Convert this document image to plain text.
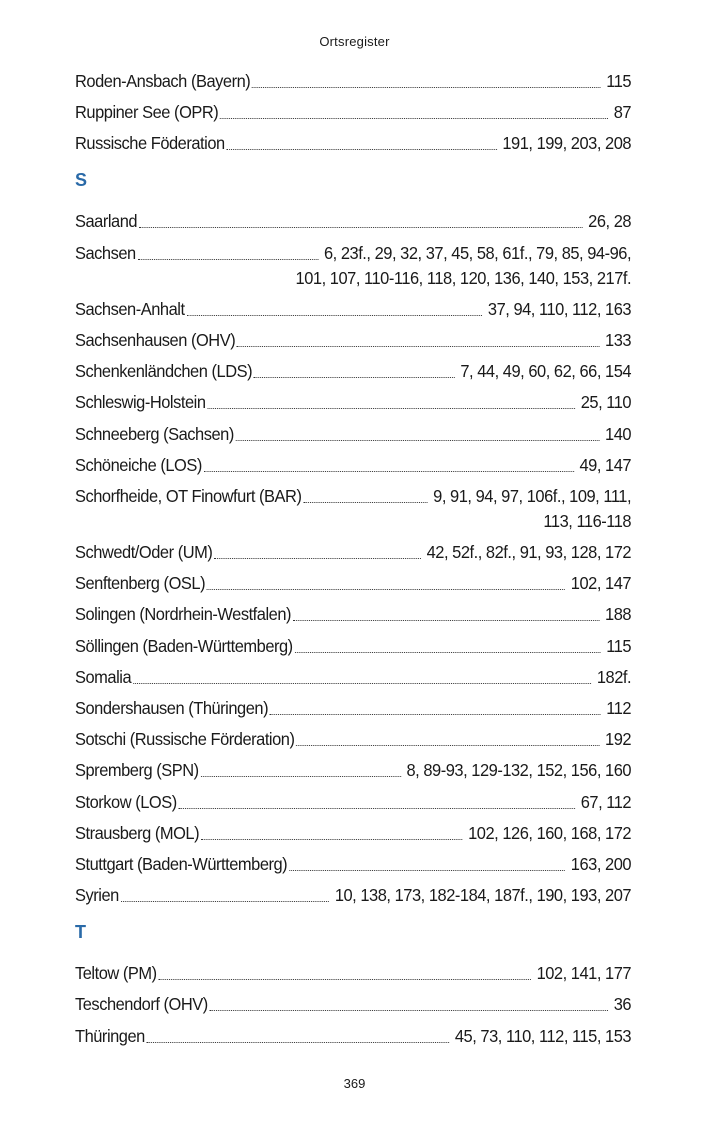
Ortsregister
Roden-Ansbach (Bayern)	115
Ruppiner See (OPR)	87
Russische Föderation	191, 199, 203, 208
S
Saarland	26, 28
Sachsen	6, 23f., 29, 32, 37, 45, 58, 61f., 79, 85, 94-96,
101, 107, 110-116, 118, 120, 136, 140, 153, 217f.
Sachsen-Anhalt	37, 94, 110, 112, 163
Sachsenhausen (OHV)	133
Schenkenländchen (LDS)	7, 44, 49, 60, 62, 66, 154
Schleswig-Holstein	25, 110
Schneeberg (Sachsen)	140
Schöneiche (LOS)	49, 147
Schorfheide, OT Finowfurt (BAR)	9, 91, 94, 97, 106f., 109, 111,
113, 116-118
Schwedt/Oder (UM)	42, 52f., 82f., 91, 93, 128, 172
Senftenberg (OSL)	102, 147
Solingen (Nordrhein-Westfalen)	188
Söllingen (Baden-Württemberg)	115
Somalia	182f.
Sondershausen (Thüringen)	112
Sotschi (Russische Förderation)	192
Spremberg (SPN)	8, 89-93, 129-132, 152, 156, 160
Storkow (LOS)	67, 112
Strausberg (MOL)	102, 126, 160, 168, 172
Stuttgart (Baden-Württemberg)	163, 200
Syrien	10, 138, 173, 182-184, 187f., 190, 193, 207
T
Teltow (PM)	102, 141, 177
Teschendorf (OHV)	36
Thüringen	45, 73, 110, 112, 115, 153
369
